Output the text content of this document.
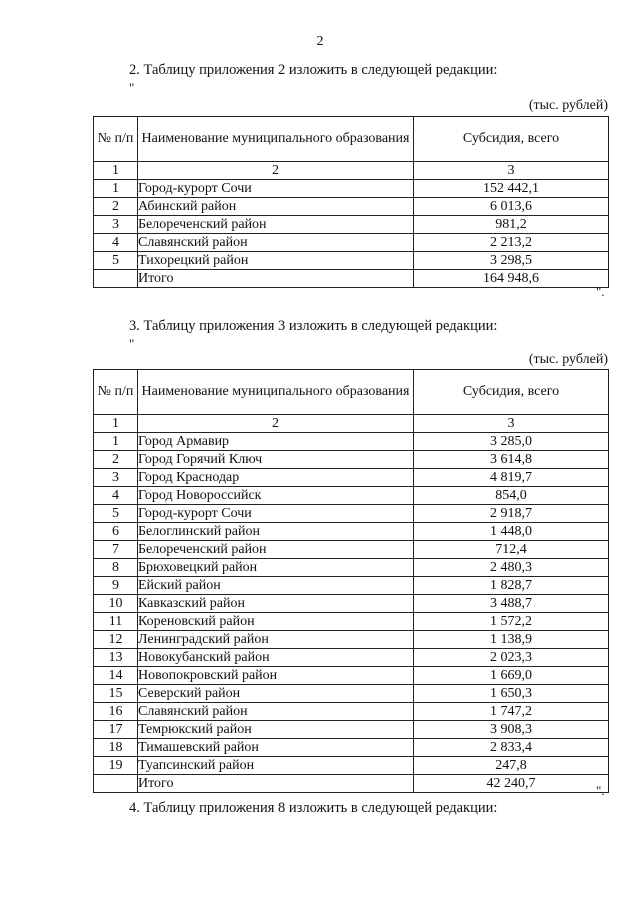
2
2. Таблицу приложения 2 изложить в следующей редакции:
"
(тыс. рублей)
№ п/п	Наименование муниципального образования	Субсидия, всего
1	2	3
1	Город-курорт Сочи	152 442,1
2	Абинский район	6 013,6
3	Белореченский район	981,2
4	Славянский район	2 213,2
5	Тихорецкий район	3 298,5
	Итого	164 948,6
".
3. Таблицу приложения 3 изложить в следующей редакции:
"
(тыс. рублей)
№ п/п	Наименование муниципального образования	Субсидия, всего
1	2	3
1	Город Армавир	3 285,0
2	Город Горячий Ключ	3 614,8
3	Город Краснодар	4 819,7
4	Город Новороссийск	854,0
5	Город-курорт Сочи	2 918,7
6	Белоглинский район	1 448,0
7	Белореченский район	712,4
8	Брюховецкий район	2 480,3
9	Ейский район	1 828,7
10	Кавказский район	3 488,7
11	Кореновский район	1 572,2
12	Ленинградский район	1 138,9
13	Новокубанский район	2 023,3
14	Новопокровский район	1 669,0
15	Северский район	1 650,3
16	Славянский район	1 747,2
17	Темрюкский район	3 908,3
18	Тимашевский район	2 833,4
19	Туапсинский район	247,8
	Итого	42 240,7	".
4. Таблицу приложения 8 изложить в следующей редакции:
